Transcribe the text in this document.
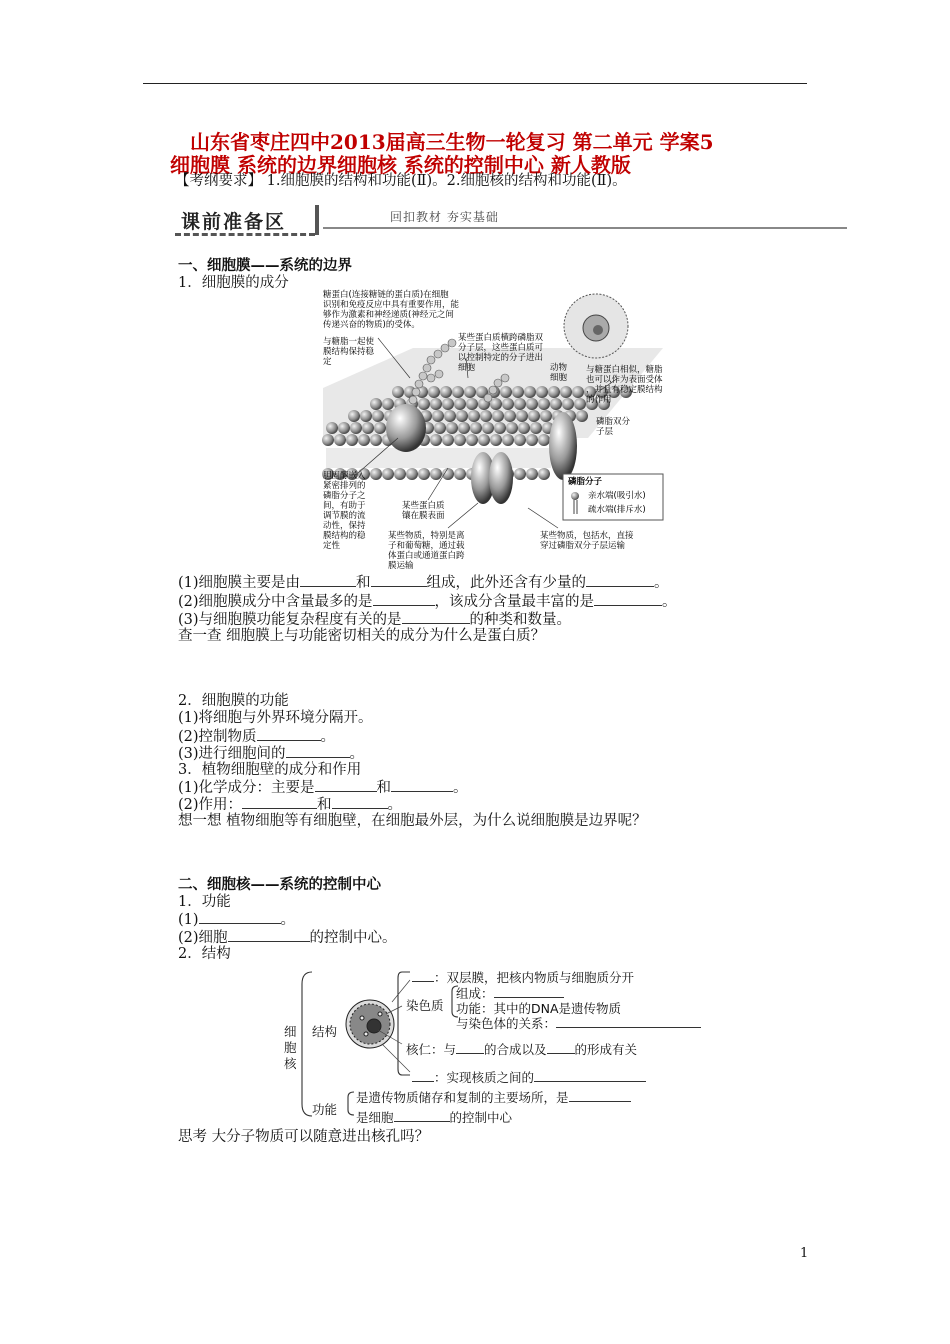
山东省枣庄四中2013届高三生物一轮复习 第二单元 学案5
细胞膜 系统的边界细胞核 系统的控制中心 新人教版
【考纲要求】 1.细胞膜的结构和功能(Ⅱ)。2.细胞核的结构和功能(Ⅱ)。
课前准备区	回扣教材 夯实基础
一、细胞膜——系统的边界
1．细胞膜的成分
磷脂分子
亲水端(吸引水)
疏水端(排斥水)
糖蛋白(连接糖链的蛋白质)在细胞识别和免疫反应中具有重要作用，能够作为激素和神经递质(神经元之间传递兴奋的物质)的受体。
与糖脂一起使膜结构保持稳定
某些蛋白质横跨磷脂双分子层，这些蛋白质可以控制特定的分子进出细胞	动物细胞
与糖蛋白相似，糖脂也可以作为表面受体，并且有稳定膜结构的作用
磷脂双分子层
胆固醇嵌入紧密排列的磷脂分子之间，有助于调节膜的流动性，保持膜结构的稳定性
某些蛋白质镶在膜表面
某些物质，特别是离子和葡萄糖，通过载体蛋白或通道蛋白跨膜运输
某些物质，包括水，直接穿过磷脂双分子层运输
(1)细胞膜主要是由	和	组成，此外还含有少量的	。
(2)细胞膜成分中含量最多的是	，该成分含量最丰富的是	。
(3)与细胞膜功能复杂程度有关的是	的种类和数量。
查一查 细胞膜上与功能密切相关的成分为什么是蛋白质？
2．细胞膜的功能
(1)将细胞与外界环境分隔开。
(2)控制物质	。
(3)进行细胞间的	。
3．植物细胞壁的成分和作用
(1)化学成分：主要是	和	。
(2)作用：	和	。
想一想 植物细胞等有细胞壁，在细胞最外层，为什么说细胞膜是边界呢？
二、细胞核——系统的控制中心
1．功能
(1)	。
(2)细胞	的控制中心。
2．结构
细胞核
结构
功能
：双层膜，把核内物质与细胞质分开
染色质
组成：
功能：其中的DNA是遗传物质
与染色体的关系：
核仁：与 的合成以及 的形成有关
：实现核质之间的
是遗传物质储存和复制的主要场所，是
是细胞	的控制中心
思考 大分子物质可以随意进出核孔吗？
1
